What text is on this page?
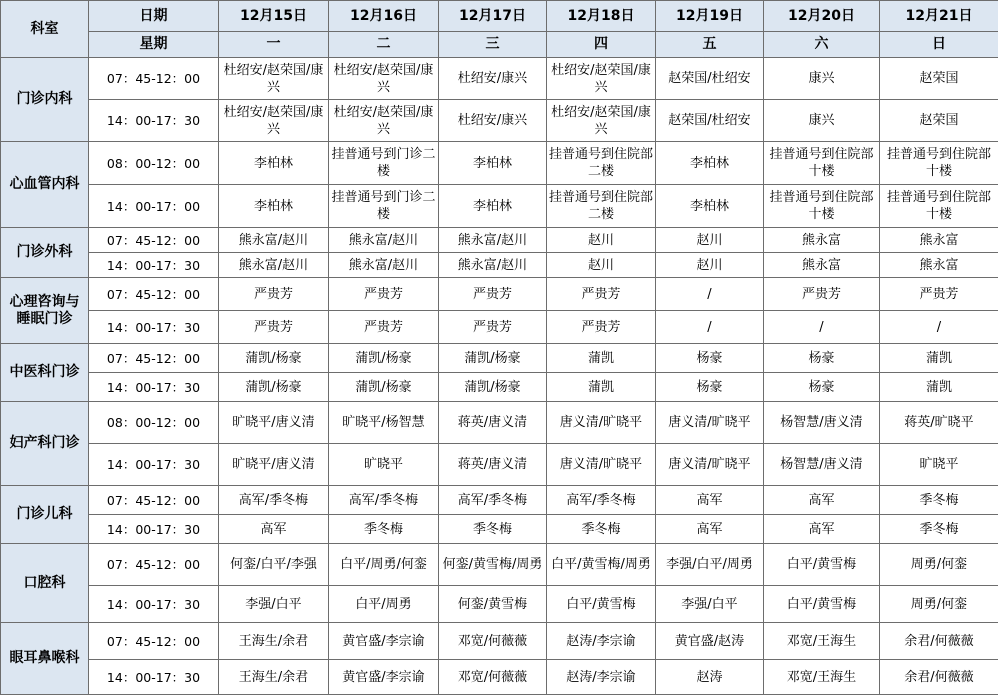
科室	日期	12月15日	12月16日	12月17日	12月18日	12月19日	12月20日	12月21日
	星期	一	二	三	四	五	六	日
门诊内科	07：45-12：00	杜绍安/赵荣国/康兴	杜绍安/赵荣国/康兴	杜绍安/康兴	杜绍安/赵荣国/康兴	赵荣国/杜绍安	康兴	赵荣国
	14：00-17：30	杜绍安/赵荣国/康兴	杜绍安/赵荣国/康兴	杜绍安/康兴	杜绍安/赵荣国/康兴	赵荣国/杜绍安	康兴	赵荣国
心血管内科	08：00-12：00	李柏林	挂普通号到门诊二楼	李柏林	挂普通号到住院部二楼	李柏林	挂普通号到住院部十楼	挂普通号到住院部十楼
	14：00-17：00	李柏林	挂普通号到门诊二楼	李柏林	挂普通号到住院部二楼	李柏林	挂普通号到住院部十楼	挂普通号到住院部十楼
门诊外科	07：45-12：00	熊永富/赵川	熊永富/赵川	熊永富/赵川	赵川	赵川	熊永富	熊永富
	14：00-17：30	熊永富/赵川	熊永富/赵川	熊永富/赵川	赵川	赵川	熊永富	熊永富
心理咨询与睡眠门诊	07：45-12：00	严贵芳	严贵芳	严贵芳	严贵芳	/	严贵芳	严贵芳
	14：00-17：30	严贵芳	严贵芳	严贵芳	严贵芳	/	/	/
中医科门诊	07：45-12：00	蒲凯/杨豪	蒲凯/杨豪	蒲凯/杨豪	蒲凯	杨豪	杨豪	蒲凯
	14：00-17：30	蒲凯/杨豪	蒲凯/杨豪	蒲凯/杨豪	蒲凯	杨豪	杨豪	蒲凯
妇产科门诊	08：00-12：00	旷晓平/唐义清	旷晓平/杨智慧	蒋英/唐义清	唐义清/旷晓平	唐义清/旷晓平	杨智慧/唐义清	蒋英/旷晓平
	14：00-17：30	旷晓平/唐义清	旷晓平	蒋英/唐义清	唐义清/旷晓平	唐义清/旷晓平	杨智慧/唐义清	旷晓平
门诊儿科	07：45-12：00	高军/季冬梅	高军/季冬梅	高军/季冬梅	高军/季冬梅	高军	高军	季冬梅
	14：00-17：30	高军	季冬梅	季冬梅	季冬梅	高军	高军	季冬梅
口腔科	07：45-12：00	何銮/白平/李强	白平/周勇/何銮	何銮/黄雪梅/周勇	白平/黄雪梅/周勇	李强/白平/周勇	白平/黄雪梅	周勇/何銮
	14：00-17：30	李强/白平	白平/周勇	何銮/黄雪梅	白平/黄雪梅	李强/白平	白平/黄雪梅	周勇/何銮
眼耳鼻喉科	07：45-12：00	王海生/余君	黄官盛/李宗谕	邓宽/何薇薇	赵涛/李宗谕	黄官盛/赵涛	邓宽/王海生	余君/何薇薇
	14：00-17：30	王海生/余君	黄官盛/李宗谕	邓宽/何薇薇	赵涛/李宗谕	赵涛	邓宽/王海生	余君/何薇薇
